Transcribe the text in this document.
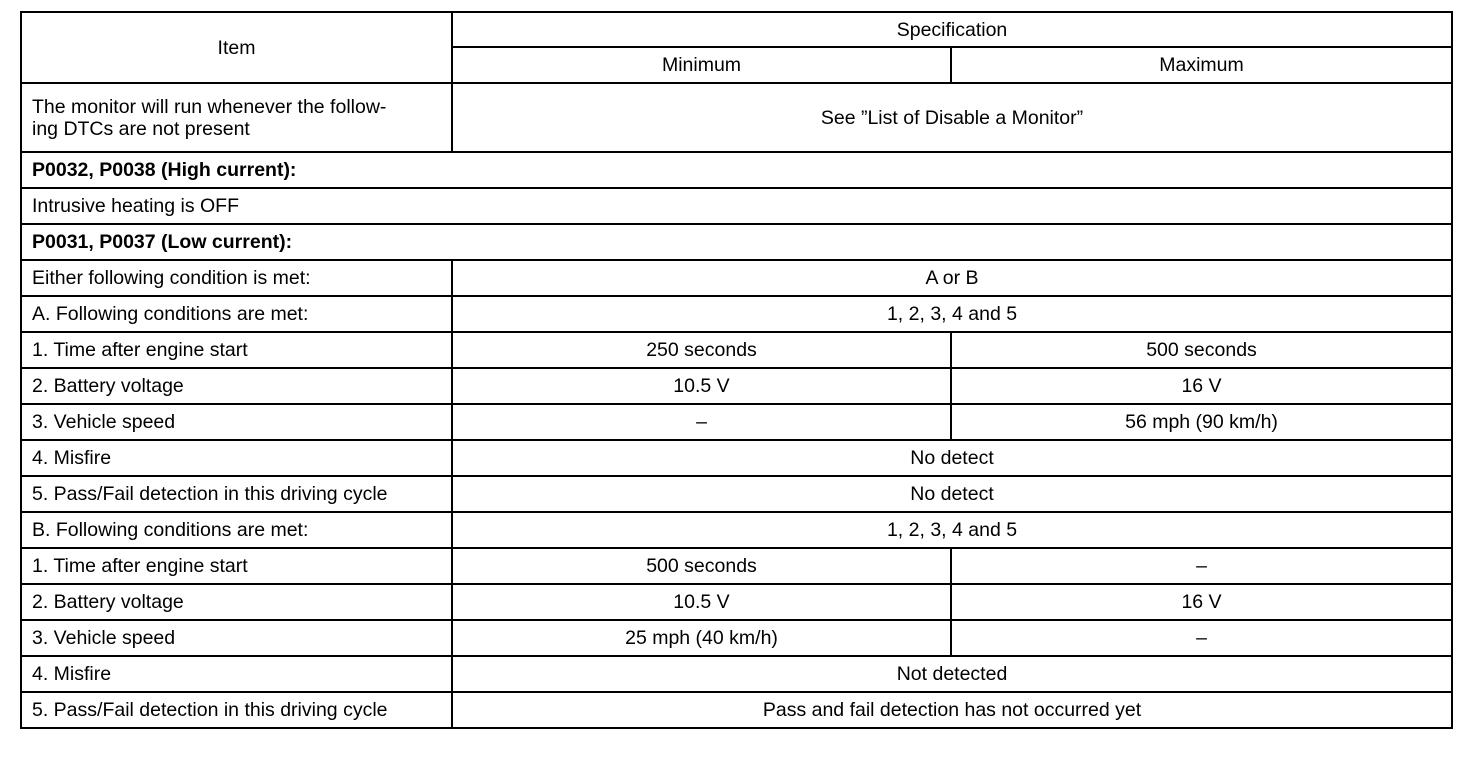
Item	Specification	
	Minimum	Maximum
The monitor will run whenever the follow-
ing DTCs are not present	See ”List of Disable a Monitor”	
P0032, P0038 (High current):		
Intrusive heating is OFF		
P0031, P0037 (Low current):		
Either following condition is met:	A or B	
A. Following conditions are met:	1, 2, 3, 4 and 5	
1. Time after engine start	250 seconds	500 seconds
2. Battery voltage	10.5 V	16 V
3. Vehicle speed	–	56 mph (90 km/h)
4. Misfire	No detect	
5. Pass/Fail detection in this driving cycle	No detect	
B. Following conditions are met:	1, 2, 3, 4 and 5	
1. Time after engine start	500 seconds	–
2. Battery voltage	10.5 V	16 V
3. Vehicle speed	25 mph (40 km/h)	–
4. Misfire	Not detected	
5. Pass/Fail detection in this driving cycle	Pass and fail detection has not occurred yet	
